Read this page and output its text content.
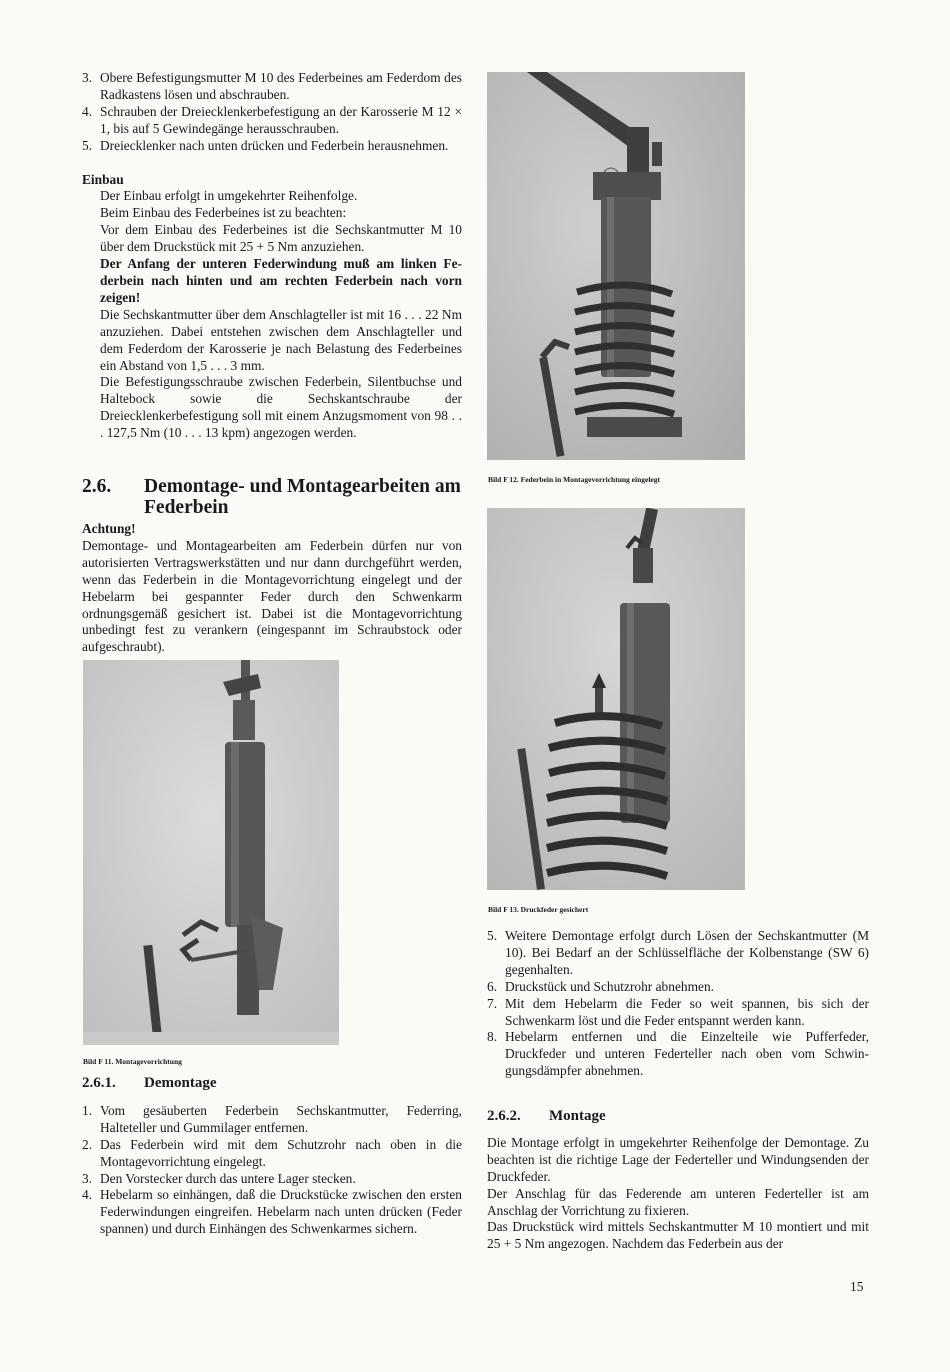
3. Obere Befestigungsmutter M 10 des Federbeines am Federdom des Radkastens lösen und abschrauben.
4. Schrauben der Dreiecklenkerbefestigung an der Karosserie M 12 × 1, bis auf 5 Gewindegänge herausschrauben.
5. Dreiecklenker nach unten drücken und Federbein herausnehmen.
Einbau
Der Einbau erfolgt in umgekehrter Reihenfolge.
Beim Einbau des Federbeines ist zu beachten:
Vor dem Einbau des Federbeines ist die Sechskantmutter M 10 über dem Druckstück mit 25 + 5 Nm anzuziehen.
Der Anfang der unteren Federwindung muß am linken Federbein nach hinten und am rechten Federbein nach vorn zeigen!
Die Sechskantmutter über dem Anschlagteller ist mit 16 . . . 22 Nm anzuziehen. Dabei entstehen zwischen dem Anschlagteller und dem Federdom der Karosserie je nach Belastung des Federbeines ein Abstand von 1,5 . . . 3 mm.
Die Befestigungsschraube zwischen Federbein, Silentbuchse und Haltebock sowie die Sechskantschraube der Dreiecklenkerbefestigung soll mit einem Anzugsmoment von 98 . . . 127,5 Nm (10 . . . 13 kpm) angezogen werden.
2.6.	Demontage- und Montagearbeiten am Federbein
Achtung!
Demontage- und Montagearbeiten am Federbein dürfen nur von autorisierten Vertragswerkstätten und nur dann durchgeführt werden, wenn das Federbein in die Montagevorrichtung eingelegt und der Hebelarm bei gespannter Feder durch den Schwenkarm ordnungsgemäß gesichert ist. Dabei ist die Montagevorrichtung unbedingt fest zu verankern (eingespannt im Schraubstock oder aufgeschraubt).
Bild F 11. Montagevorrichtung
2.6.1.	Demontage
1. Vom gesäuberten Federbein Sechskantmutter, Federring, Halteteller und Gummilager entfernen.
2. Das Federbein wird mit dem Schutzrohr nach oben in die Montagevorrichtung eingelegt.
3. Den Vorstecker durch das untere Lager stecken.
4. Hebelarm so einhängen, daß die Druckstücke zwischen den ersten Federwindungen eingreifen. Hebelarm nach unten drücken (Feder spannen) und durch Einhängen des Schwenkarmes sichern.
Bild F 12. Federbein in Montagevorrichtung eingelegt
Bild F 13. Druckfeder gesichert
5. Weitere Demontage erfolgt durch Lösen der Sechskantmutter (M 10). Bei Bedarf an der Schlüsselfläche der Kolbenstange (SW 6) gegenhalten.
6. Druckstück und Schutzrohr abnehmen.
7. Mit dem Hebelarm die Feder so weit spannen, bis sich der Schwenkarm löst und die Feder entspannt werden kann.
8. Hebelarm entfernen und die Einzelteile wie Pufferfeder, Druckfeder und unteren Federteller nach oben vom Schwingungsdämpfer abnehmen.
2.6.2.	Montage
Die Montage erfolgt in umgekehrter Reihenfolge der Demontage. Zu beachten ist die richtige Lage der Federteller und Windungsenden der Druckfeder.
Der Anschlag für das Federende am unteren Federteller ist am Anschlag der Vorrichtung zu fixieren.
Das Druckstück wird mittels Sechskantmutter M 10 montiert und mit 25 + 5 Nm angezogen. Nachdem das Federbein aus der
15
